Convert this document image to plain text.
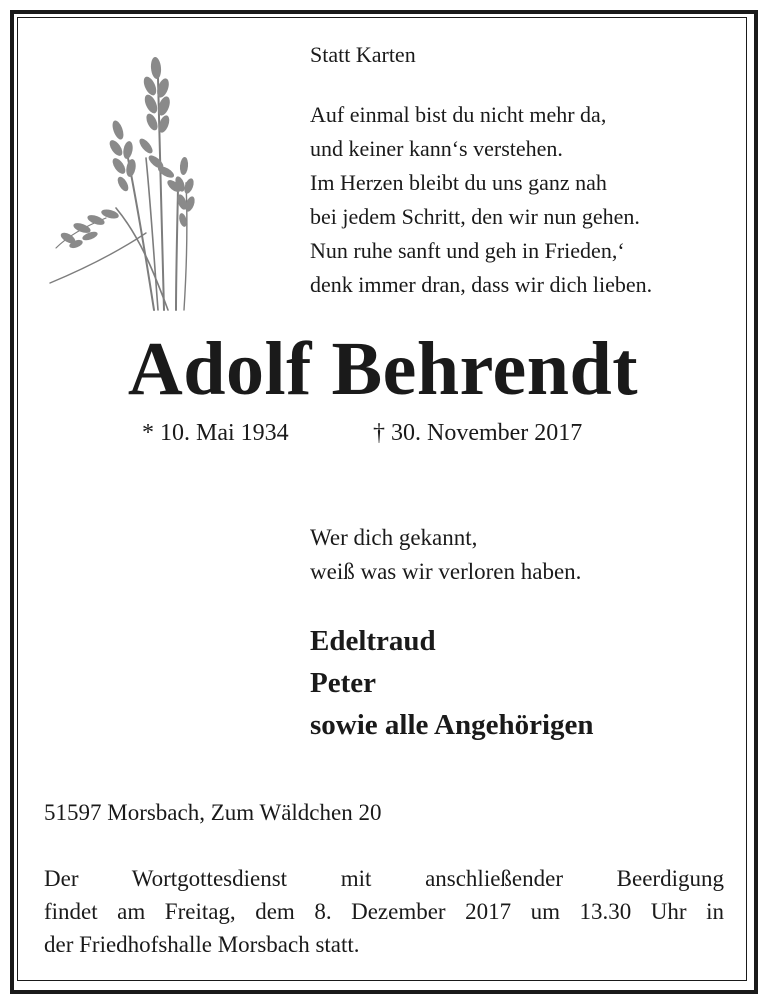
Statt Karten
Auf einmal bist du nicht mehr da,
und keiner kann‘s verstehen.
Im Herzen bleibt du uns ganz nah
bei jedem Schritt, den wir nun gehen.
Nun ruhe sanft und geh in Frieden,‘
denk immer dran, dass wir dich lieben.
Adolf Behrendt
* 10. Mai 1934	† 30. November 2017
Wer dich gekannt,
weiß was wir verloren haben.
Edeltraud
Peter
sowie alle Angehörigen
51597 Morsbach, Zum Wäldchen 20
Der Wortgottesdienst mit anschließender Beerdigung
findet am Freitag, dem 8. Dezember 2017 um 13.30 Uhr in
der Friedhofshalle Morsbach statt.
